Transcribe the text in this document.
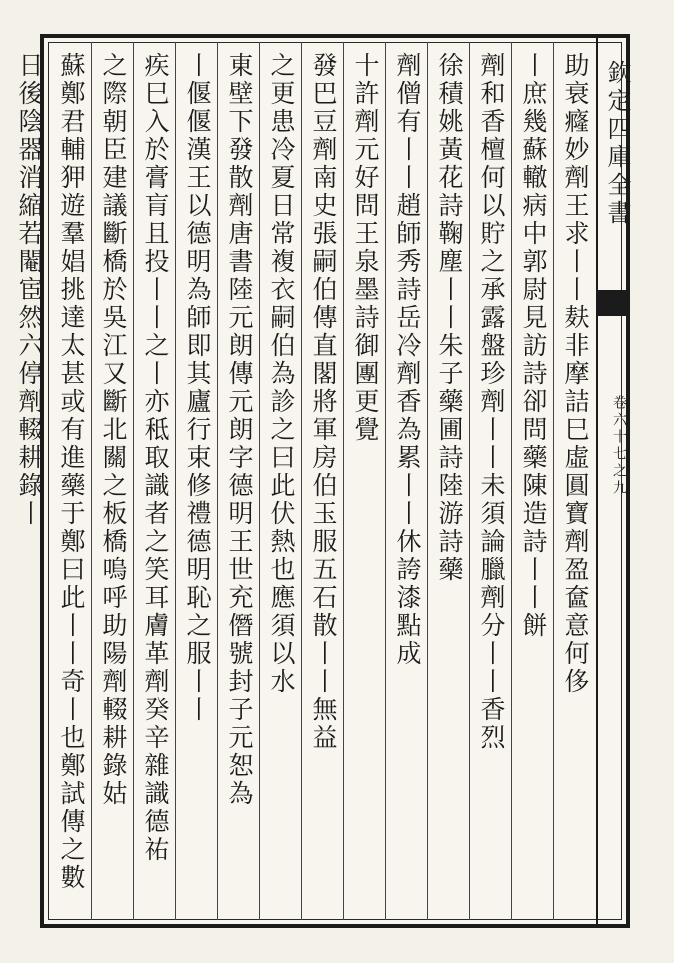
欽定四庫全書
卷六十七之九
助衰癃妙劑王求丨丨麸非摩詰巳虛圓寶劑盈奩意何侈
丨庶幾蘇轍病中郭尉見訪詩卻問藥陳造詩丨丨餅
劑和香檀何以貯之承露盤珍劑丨丨未須論臘劑分丨丨香烈
徐積姚黃花詩鞠塵丨丨朱子藥圃詩陸游詩藥
劑僧有丨丨趙師秀詩岳冷劑香為累丨丨休誇漆點成
十許劑元好問王泉墨詩御團更覺
發巴豆劑南史張嗣伯傳直閣將軍房伯玉服五石散丨丨無益
之更患冷夏日常複衣嗣伯為診之曰此伏熱也應須以水
東壁下發散劑唐書陸元朗傳元朗字德明王世充僭號封子元恕為
丨偃偃漢王以德明為師即其廬行束修禮德明恥之服丨丨
疾巳入於膏肓且投丨丨之丨亦秪取識者之笑耳膚革劑癸辛雜識德祐
之際朝臣建議斷橋於吳江又斷北關之板橋嗚呼助陽劑輟耕錄姑
蘇鄭君輔狎遊羣娼挑達太甚或有進藥于鄭曰此丨丨奇丨也鄭試傳之數日後陰器消縮若閹宦然六停劑輟耕錄丨
